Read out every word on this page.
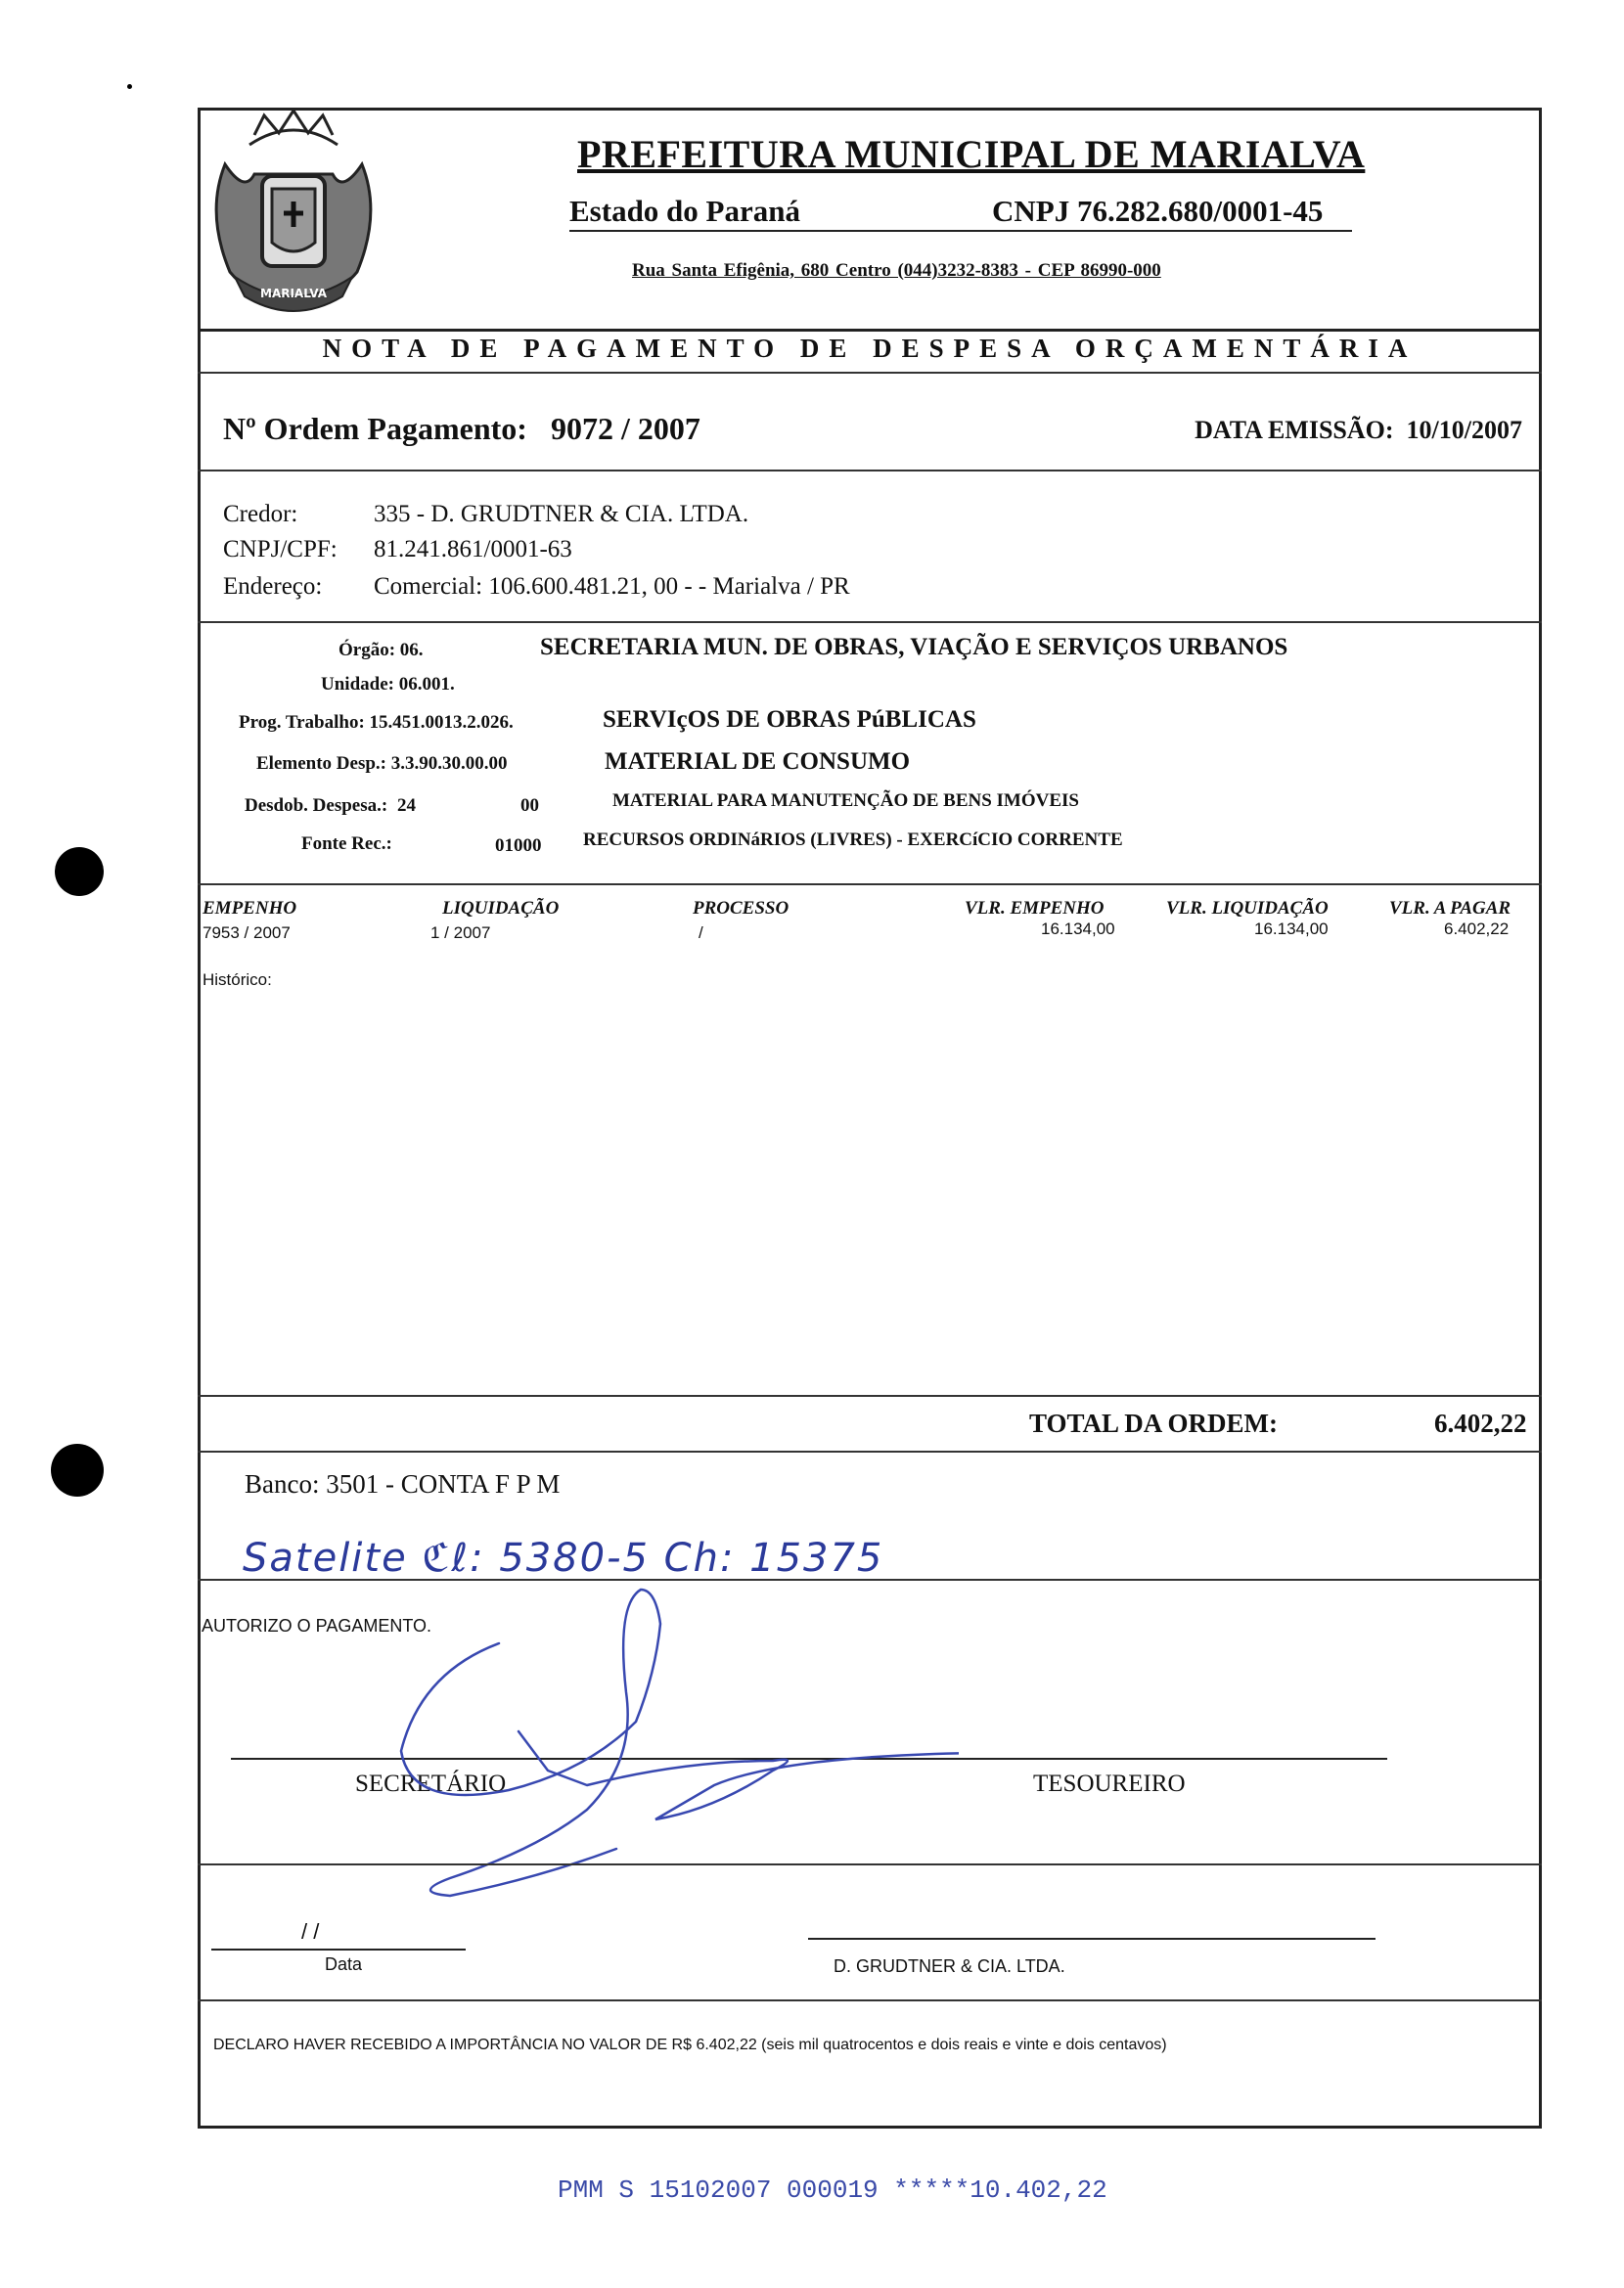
MARIALVA
PREFEITURA MUNICIPAL DE MARIALVA
Estado do Paraná	CNPJ 76.282.680/0001-45
Rua Santa Efigênia, 680 Centro (044)3232-8383 - CEP 86990-000
NOTA DE PAGAMENTO DE DESPESA ORÇAMENTÁRIA
Nº Ordem Pagamento: 9072 / 2007	DATA EMISSÃO: 10/10/2007
Credor:	335 - D. GRUDTNER & CIA. LTDA.
CNPJ/CPF: 81.241.861/0001-63
Endereço: Comercial: 106.600.481.21, 00 - - Marialva / PR
Órgão: 06.	SECRETARIA MUN. DE OBRAS, VIAÇÃO E SERVIÇOS URBANOS
Unidade: 06.001.
Prog. Trabalho: 15.451.0013.2.026.	SERVIçOS DE OBRAS PúBLICAS
Elemento Desp.: 3.3.90.30.00.00	MATERIAL DE CONSUMO
Desdob. Despesa.: 24	00	MATERIAL PARA MANUTENÇÃO DE BENS IMÓVEIS
Fonte Rec.:	01000 RECURSOS ORDINáRIOS (LIVRES) - EXERCíCIO CORRENTE
EMPENHO	LIQUIDAÇÃO	PROCESSO	VLR. EMPENHO	VLR. LIQUIDAÇÃO	VLR. A PAGAR
7953 / 2007	1 / 2007	/	16.134,00	16.134,00	6.402,22
Histórico:
TOTAL DA ORDEM:	6.402,22
Banco: 3501 - CONTA F P M
Satelite ℭℓ: 5380-5 Ch: 15375
AUTORIZO O PAGAMENTO.
SECRETÁRIO	TESOUREIRO
/ /
Data	D. GRUDTNER & CIA. LTDA.
DECLARO HAVER RECEBIDO A IMPORTÂNCIA NO VALOR DE R$ 6.402,22 (seis mil quatrocentos e dois reais e vinte e dois centavos)
PMM S 15102007 000019 *****10.402,22
